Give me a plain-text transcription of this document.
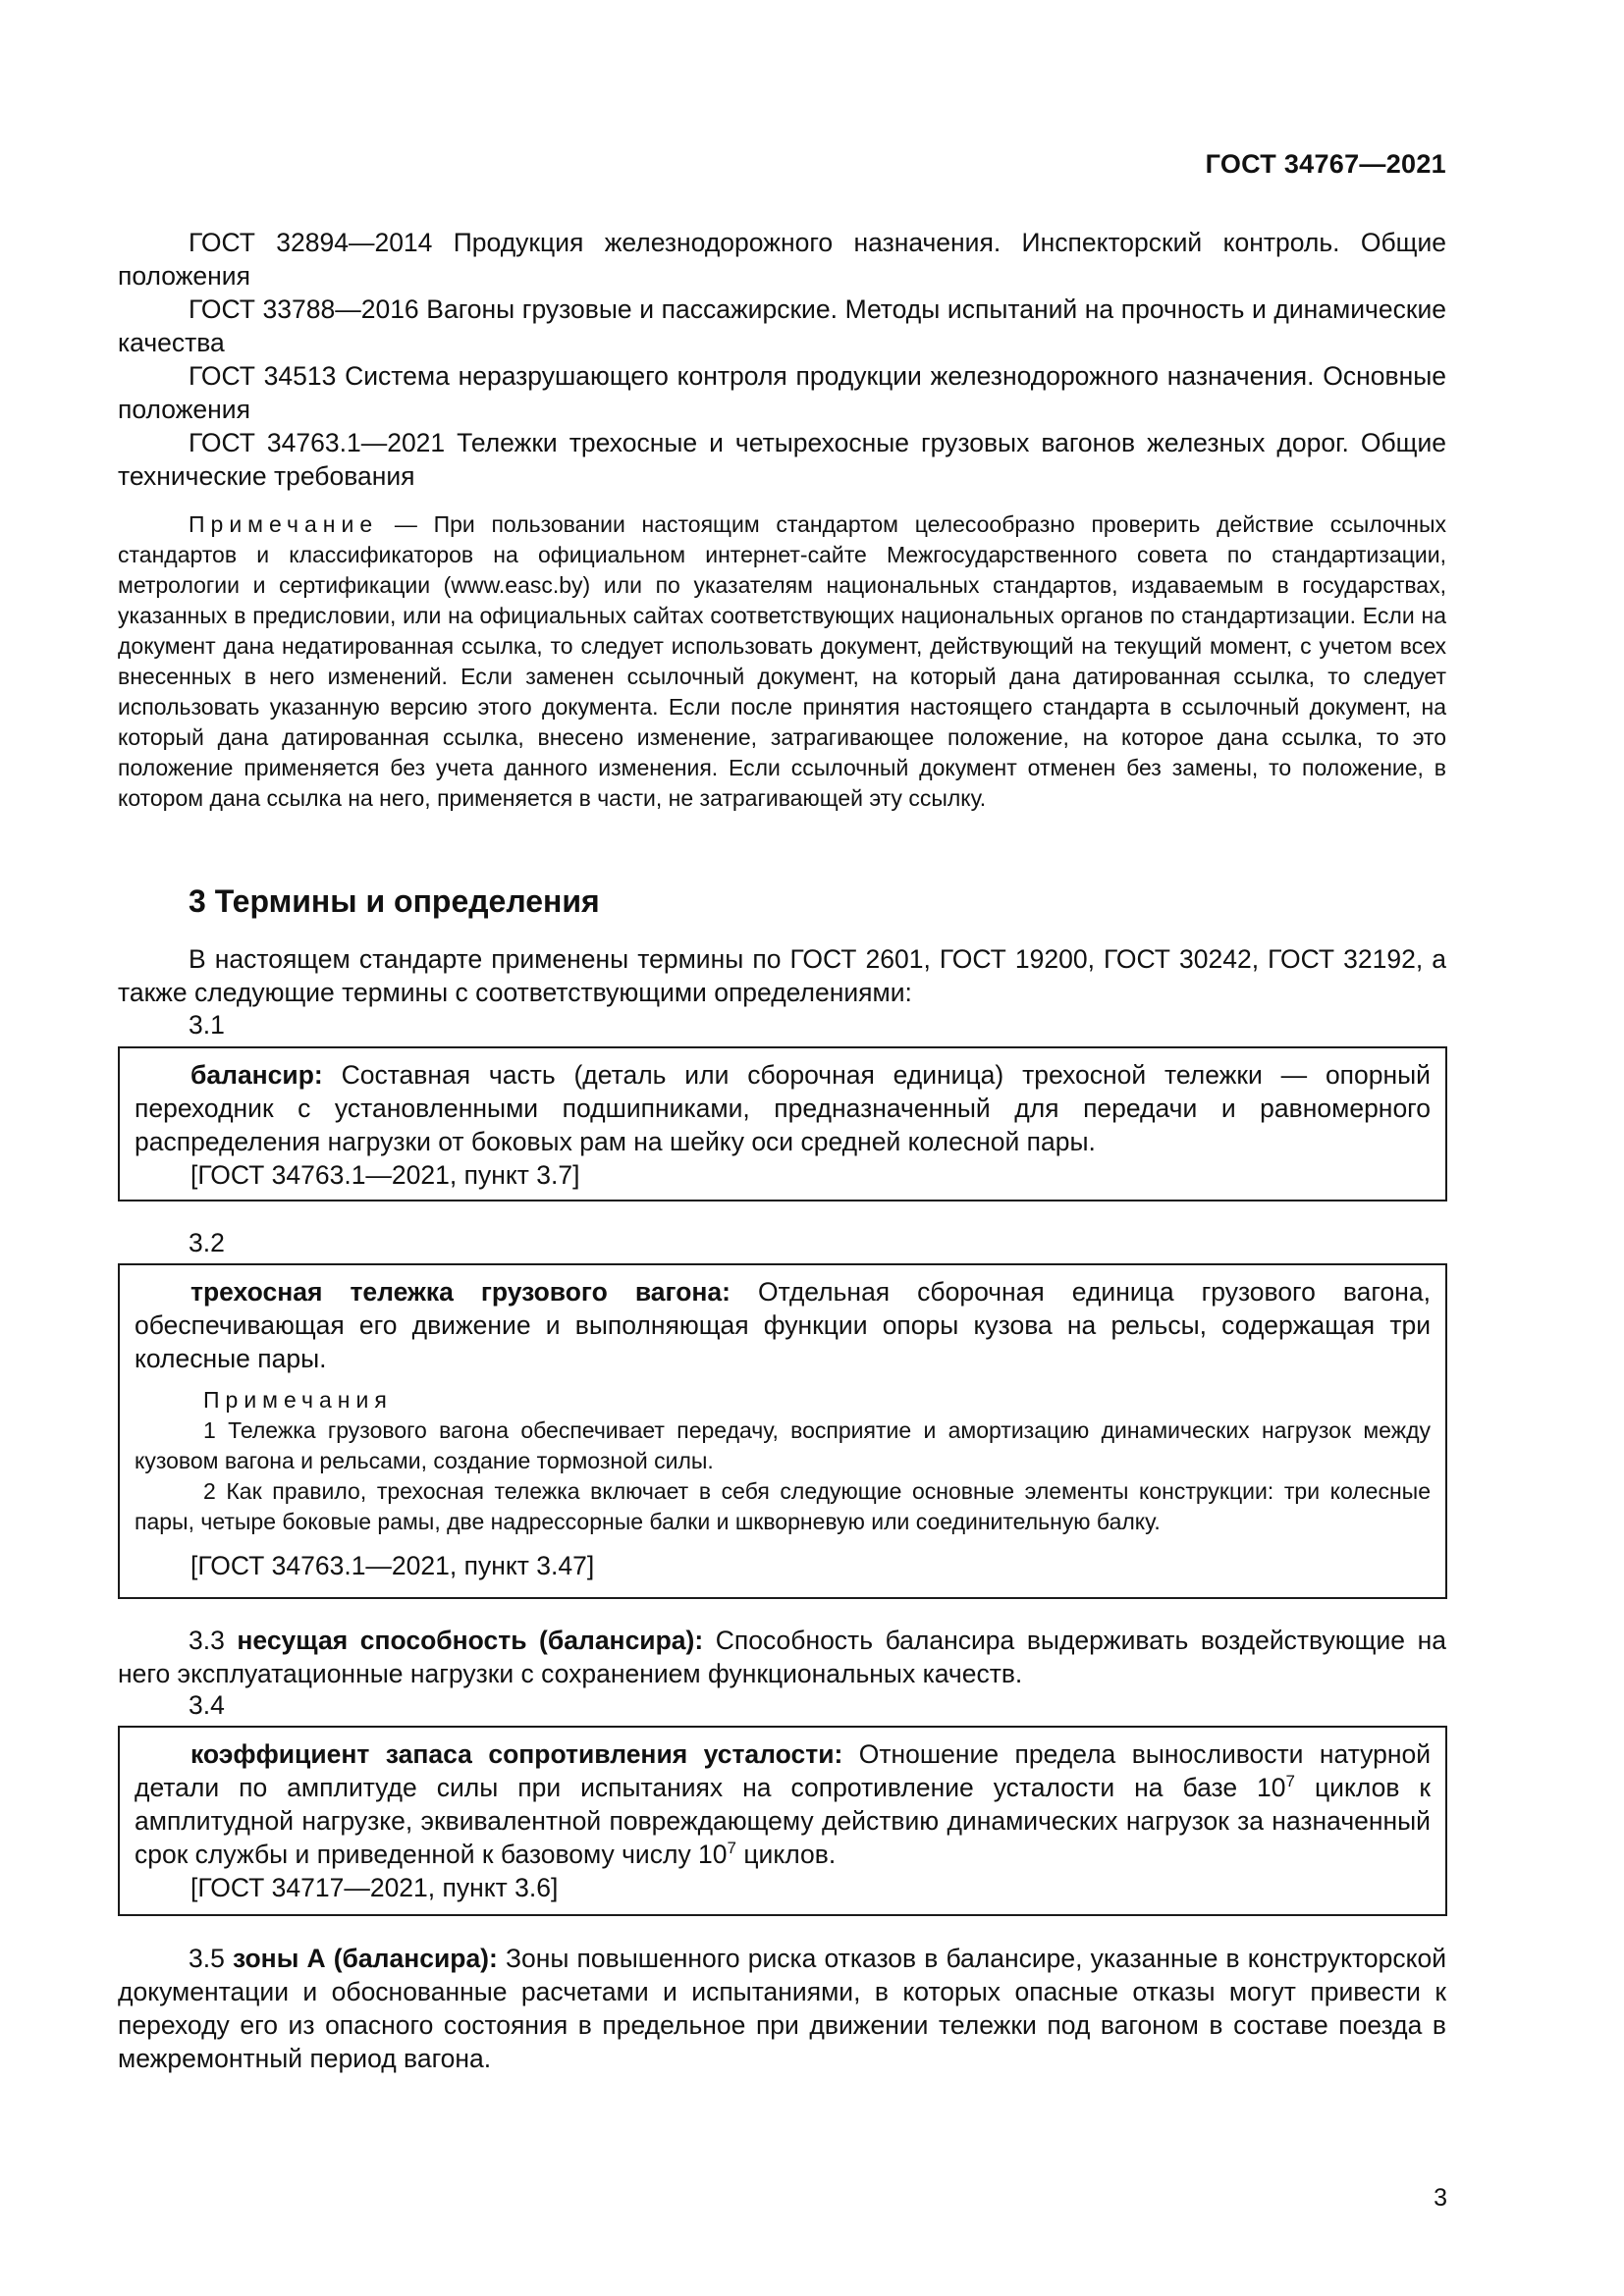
ГОСТ 34767—2021

ГОСТ 32894—2014 Продукция железнодорожного назначения. Инспекторский контроль. Общие положения

ГОСТ 33788—2016 Вагоны грузовые и пассажирские. Методы испытаний на прочность и динамические качества

ГОСТ 34513 Система неразрушающего контроля продукции железнодорожного назначения. Основные положения

ГОСТ 34763.1—2021 Тележки трехосные и четырехосные грузовых вагонов железных дорог. Общие технические требования

Примечание — При пользовании настоящим стандартом целесообразно проверить действие ссылочных стандартов и классификаторов на официальном интернет-сайте Межгосударственного совета по стандартизации, метрологии и сертификации (www.easc.by) или по указателям национальных стандартов, издаваемым в государствах, указанных в предисловии, или на официальных сайтах соответствующих национальных органов по стандартизации. Если на документ дана недатированная ссылка, то следует использовать документ, действующий на текущий момент, с учетом всех внесенных в него изменений. Если заменен ссылочный документ, на который дана датированная ссылка, то следует использовать указанную версию этого документа. Если после принятия настоящего стандарта в ссылочный документ, на который дана датированная ссылка, внесено изменение, затрагивающее положение, на которое дана ссылка, то это положение применяется без учета данного изменения. Если ссылочный документ отменен без замены, то положение, в котором дана ссылка на него, применяется в части, не затрагивающей эту ссылку.

3 Термины и определения

В настоящем стандарте применены термины по ГОСТ 2601, ГОСТ 19200, ГОСТ 30242, ГОСТ 32192, а также следующие термины с соответствующими определениями:

3.1

балансир: Составная часть (деталь или сборочная единица) трехосной тележки — опорный переходник с установленными подшипниками, предназначенный для передачи и равномерного распределения нагрузки от боковых рам на шейку оси средней колесной пары.

[ГОСТ 34763.1—2021, пункт 3.7]

3.2

трехосная тележка грузового вагона: Отдельная сборочная единица грузового вагона, обеспечивающая его движение и выполняющая функции опоры кузова на рельсы, содержащая три колесные пары.

Примечания

1 Тележка грузового вагона обеспечивает передачу, восприятие и амортизацию динамических нагрузок между кузовом вагона и рельсами, создание тормозной силы.

2 Как правило, трехосная тележка включает в себя следующие основные элементы конструкции: три колесные пары, четыре боковые рамы, две надрессорные балки и шкворневую или соединительную балку.

[ГОСТ 34763.1—2021, пункт 3.47]

3.3 несущая способность (балансира): Способность балансира выдерживать воздействующие на него эксплуатационные нагрузки с сохранением функциональных качеств.

3.4

коэффициент запаса сопротивления усталости: Отношение предела выносливости натурной детали по амплитуде силы при испытаниях на сопротивление усталости на базе $10^7$ циклов к амплитудной нагрузке, эквивалентной повреждающему действию динамических нагрузок за назначенный срок службы и приведенной к базовому числу $10^7$ циклов.

[ГОСТ 34717—2021, пункт 3.6]

3.5 зоны А (балансира): Зоны повышенного риска отказов в балансире, указанные в конструкторской документации и обоснованные расчетами и испытаниями, в которых опасные отказы могут привести к переходу его из опасного состояния в предельное при движении тележки под вагоном в составе поезда в межремонтный период вагона.

3
